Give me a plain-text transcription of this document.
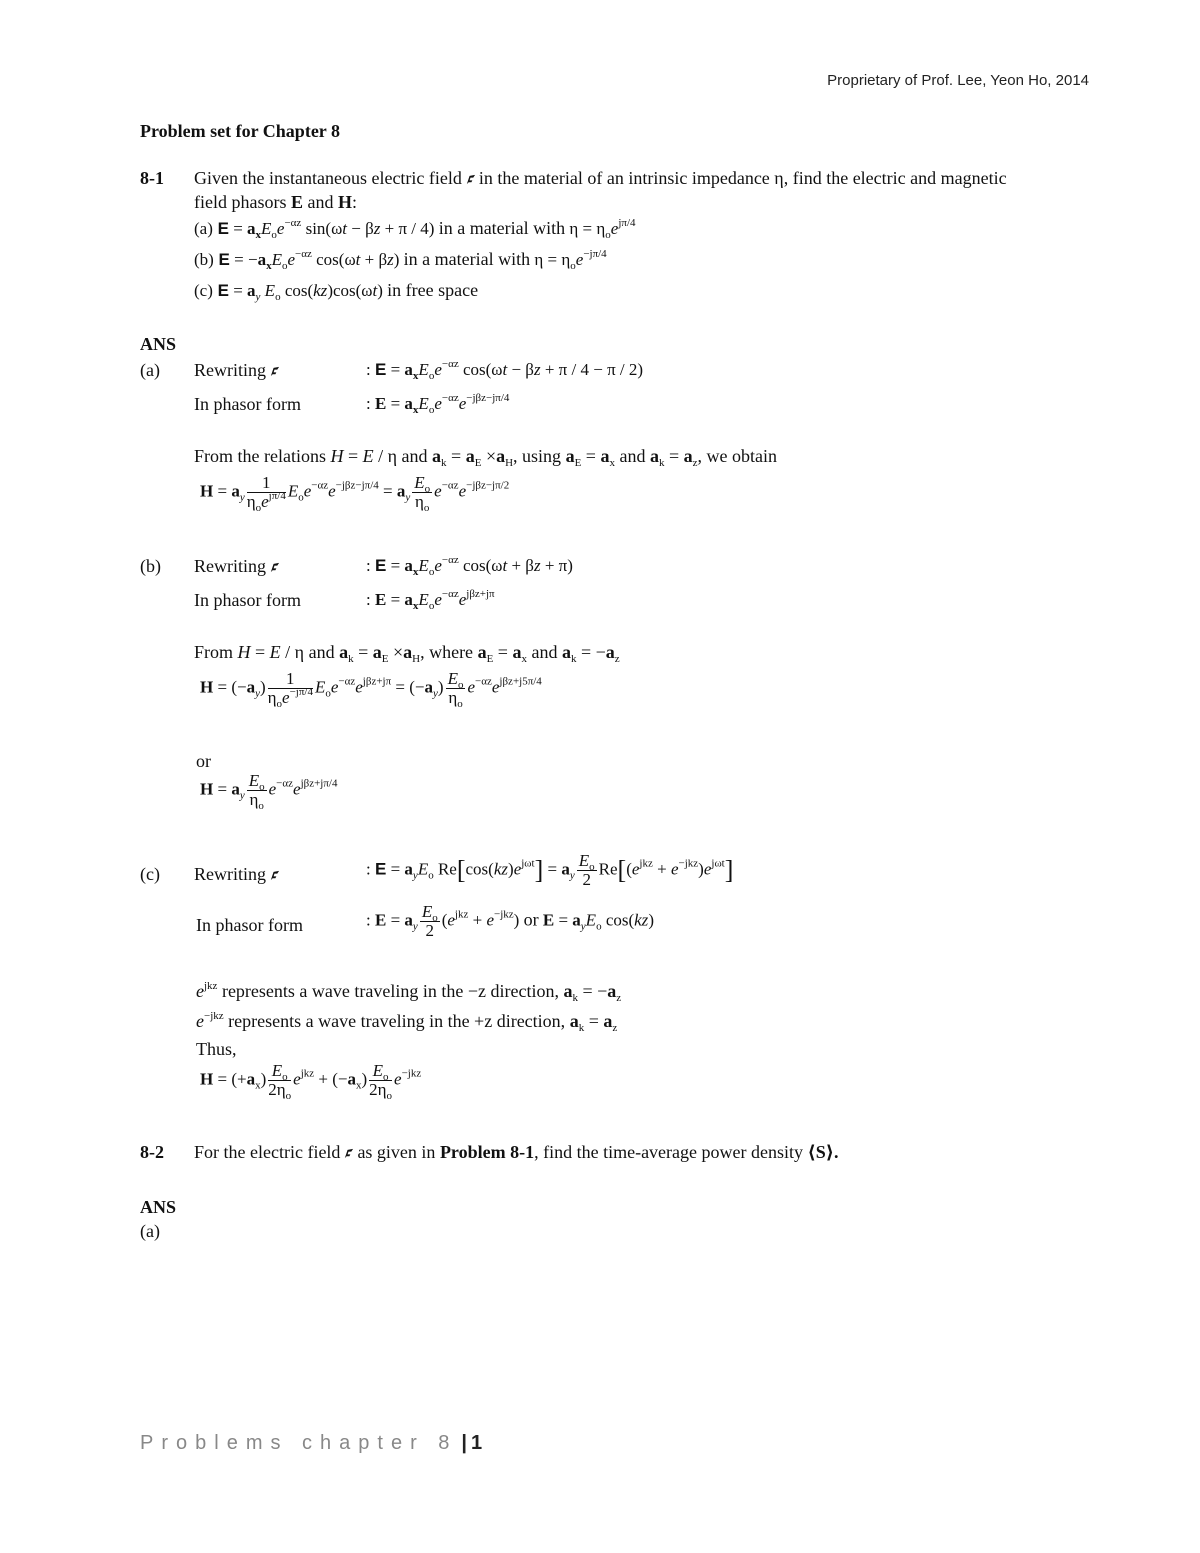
Proprietary of Prof. Lee, Yeon Ho, 2014
Problem set for Chapter 8
8-1 Given the instantaneous electric field in the material of an intrinsic impedance η, find the electric and magnetic
field phasors E and H:
(a) $E = a_xE_oe^{-\alpha z}$ sin(ωt − βz + π / 4) in a material with $\eta = \eta_oe^{j\pi/4}$
(b) $E = -a_xE_oe^{-\alpha z}$ cos(ωt + βz) in a material with $\eta = \eta_oe^{-j\pi/4}$
(c) $E = a_y$ $E_o$ cos(kz)cos(ωt) in free space
ANS
(a) Rewriting	: $E = a_xE_oe^{-\alpha z}$ cos(ωt − βz + π / 4 − π / 2)
In phasor form	: $E = a_xE_oe^{-\alpha z}e^{-j\beta z-j\pi/4}$
From the relations H = E / η and $a_k = a_E \times a_H$, using $a_E = a_x$ and $a_k = a_z$, we obtain
$H = a_y \frac{1}{\eta_oe^{j\pi/4}} E_oe^{-\alpha z}e^{-j\beta z-j\pi/4} = a_y \frac{E_o}{\eta_o} e^{-\alpha z}e^{-j\beta z-j\pi/2}$
(b) Rewriting	: $E = a_xE_oe^{-\alpha z}$ cos(ωt + βz + π)
In phasor form	: $E = a_xE_oe^{-\alpha z}e^{j\beta z+j\pi}$
From H = E / η and $a_k = a_E \times a_H$, where $a_E = a_x$ and $a_k = -a_z$
$H = (-a_y) \frac{1}{\eta_oe^{-j\pi/4}} E_oe^{-\alpha z}e^{j\beta z+j\pi} = (-a_y) \frac{E_o}{\eta_o} e^{-\alpha z}e^{j\beta z+j5\pi/4}$
or
$H = a_y \frac{E_o}{\eta_o} e^{-\alpha z}e^{j\beta z+j\pi/4}$
(c) Rewriting	: $E = a_yE_o$ $Re[\cos(kz)e^{j\omega t}] = a_y \frac{E_o}{2} Re[(e^{jkz} + e^{-jkz})e^{j\omega t}]$
In phasor form	: $E = a_y \frac{E_o}{2} (e^{jkz} + e^{-jkz})$ or $E = a_yE_o$ cos(kz)
$e^{jkz}$ represents a wave traveling in the −z direction, $a_k = -a_z$
$e^{-jkz}$ represents a wave traveling in the +z direction, $a_k = a_z$
Thus,
$H = (+a_x) \frac{E_o}{2\eta_o} e^{jkz} + (-a_x) \frac{E_o}{2\eta_o} e^{-jkz}$
8-2 For the electric field as given in Problem 8-1, find the time-average power density ⟨S⟩.
ANS
(a)
Problems chapter 8 | 1
